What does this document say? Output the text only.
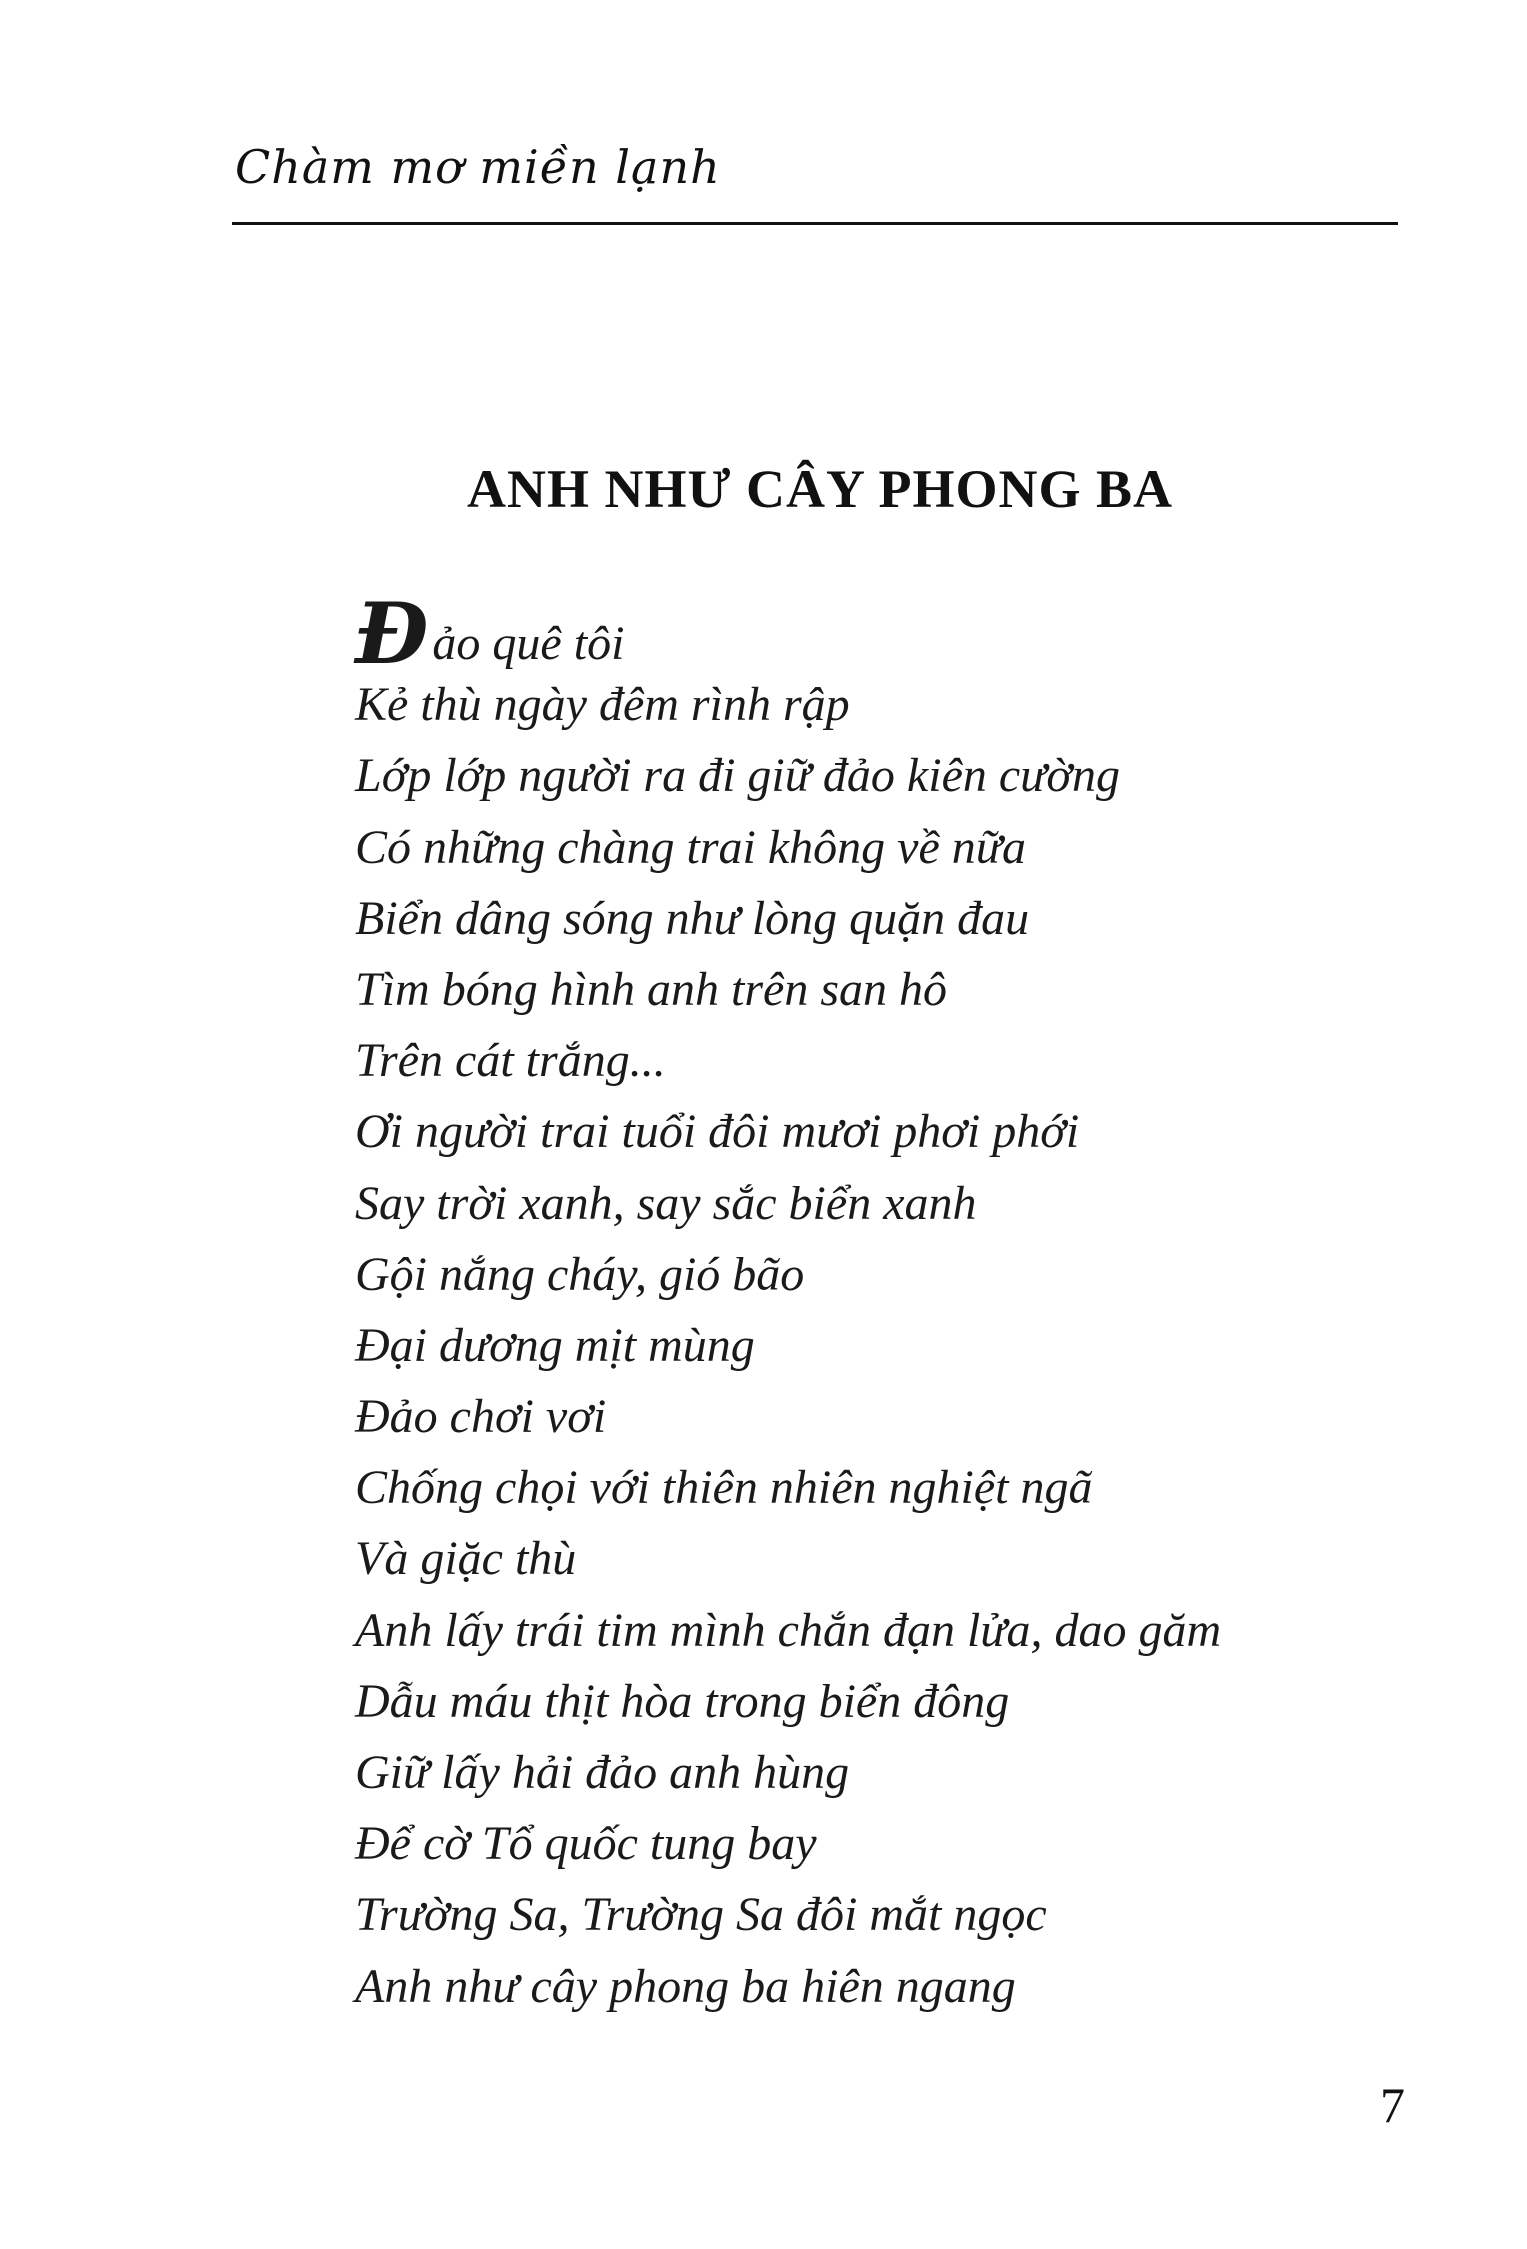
Chàm mơ miền lạnh
ANH NHƯ CÂY PHONG BA
Đảo quê tôi
Kẻ thù ngày đêm rình rập
Lớp lớp người ra đi giữ đảo kiên cường
Có những chàng trai không về nữa
Biển dâng sóng như lòng quặn đau
Tìm bóng hình anh trên san hô
Trên cát trắng...
Ơi người trai tuổi đôi mươi phơi phới
Say trời xanh, say sắc biển xanh
Gội nắng cháy, gió bão
Đại dương mịt mùng
Đảo chơi vơi
Chống chọi với thiên nhiên nghiệt ngã
Và giặc thù
Anh lấy trái tim mình chắn đạn lửa, dao găm
Dẫu máu thịt hòa trong biển đông
Giữ lấy hải đảo anh hùng
Để cờ Tổ quốc tung bay
Trường Sa, Trường Sa đôi mắt ngọc
Anh như cây phong ba hiên ngang
7
